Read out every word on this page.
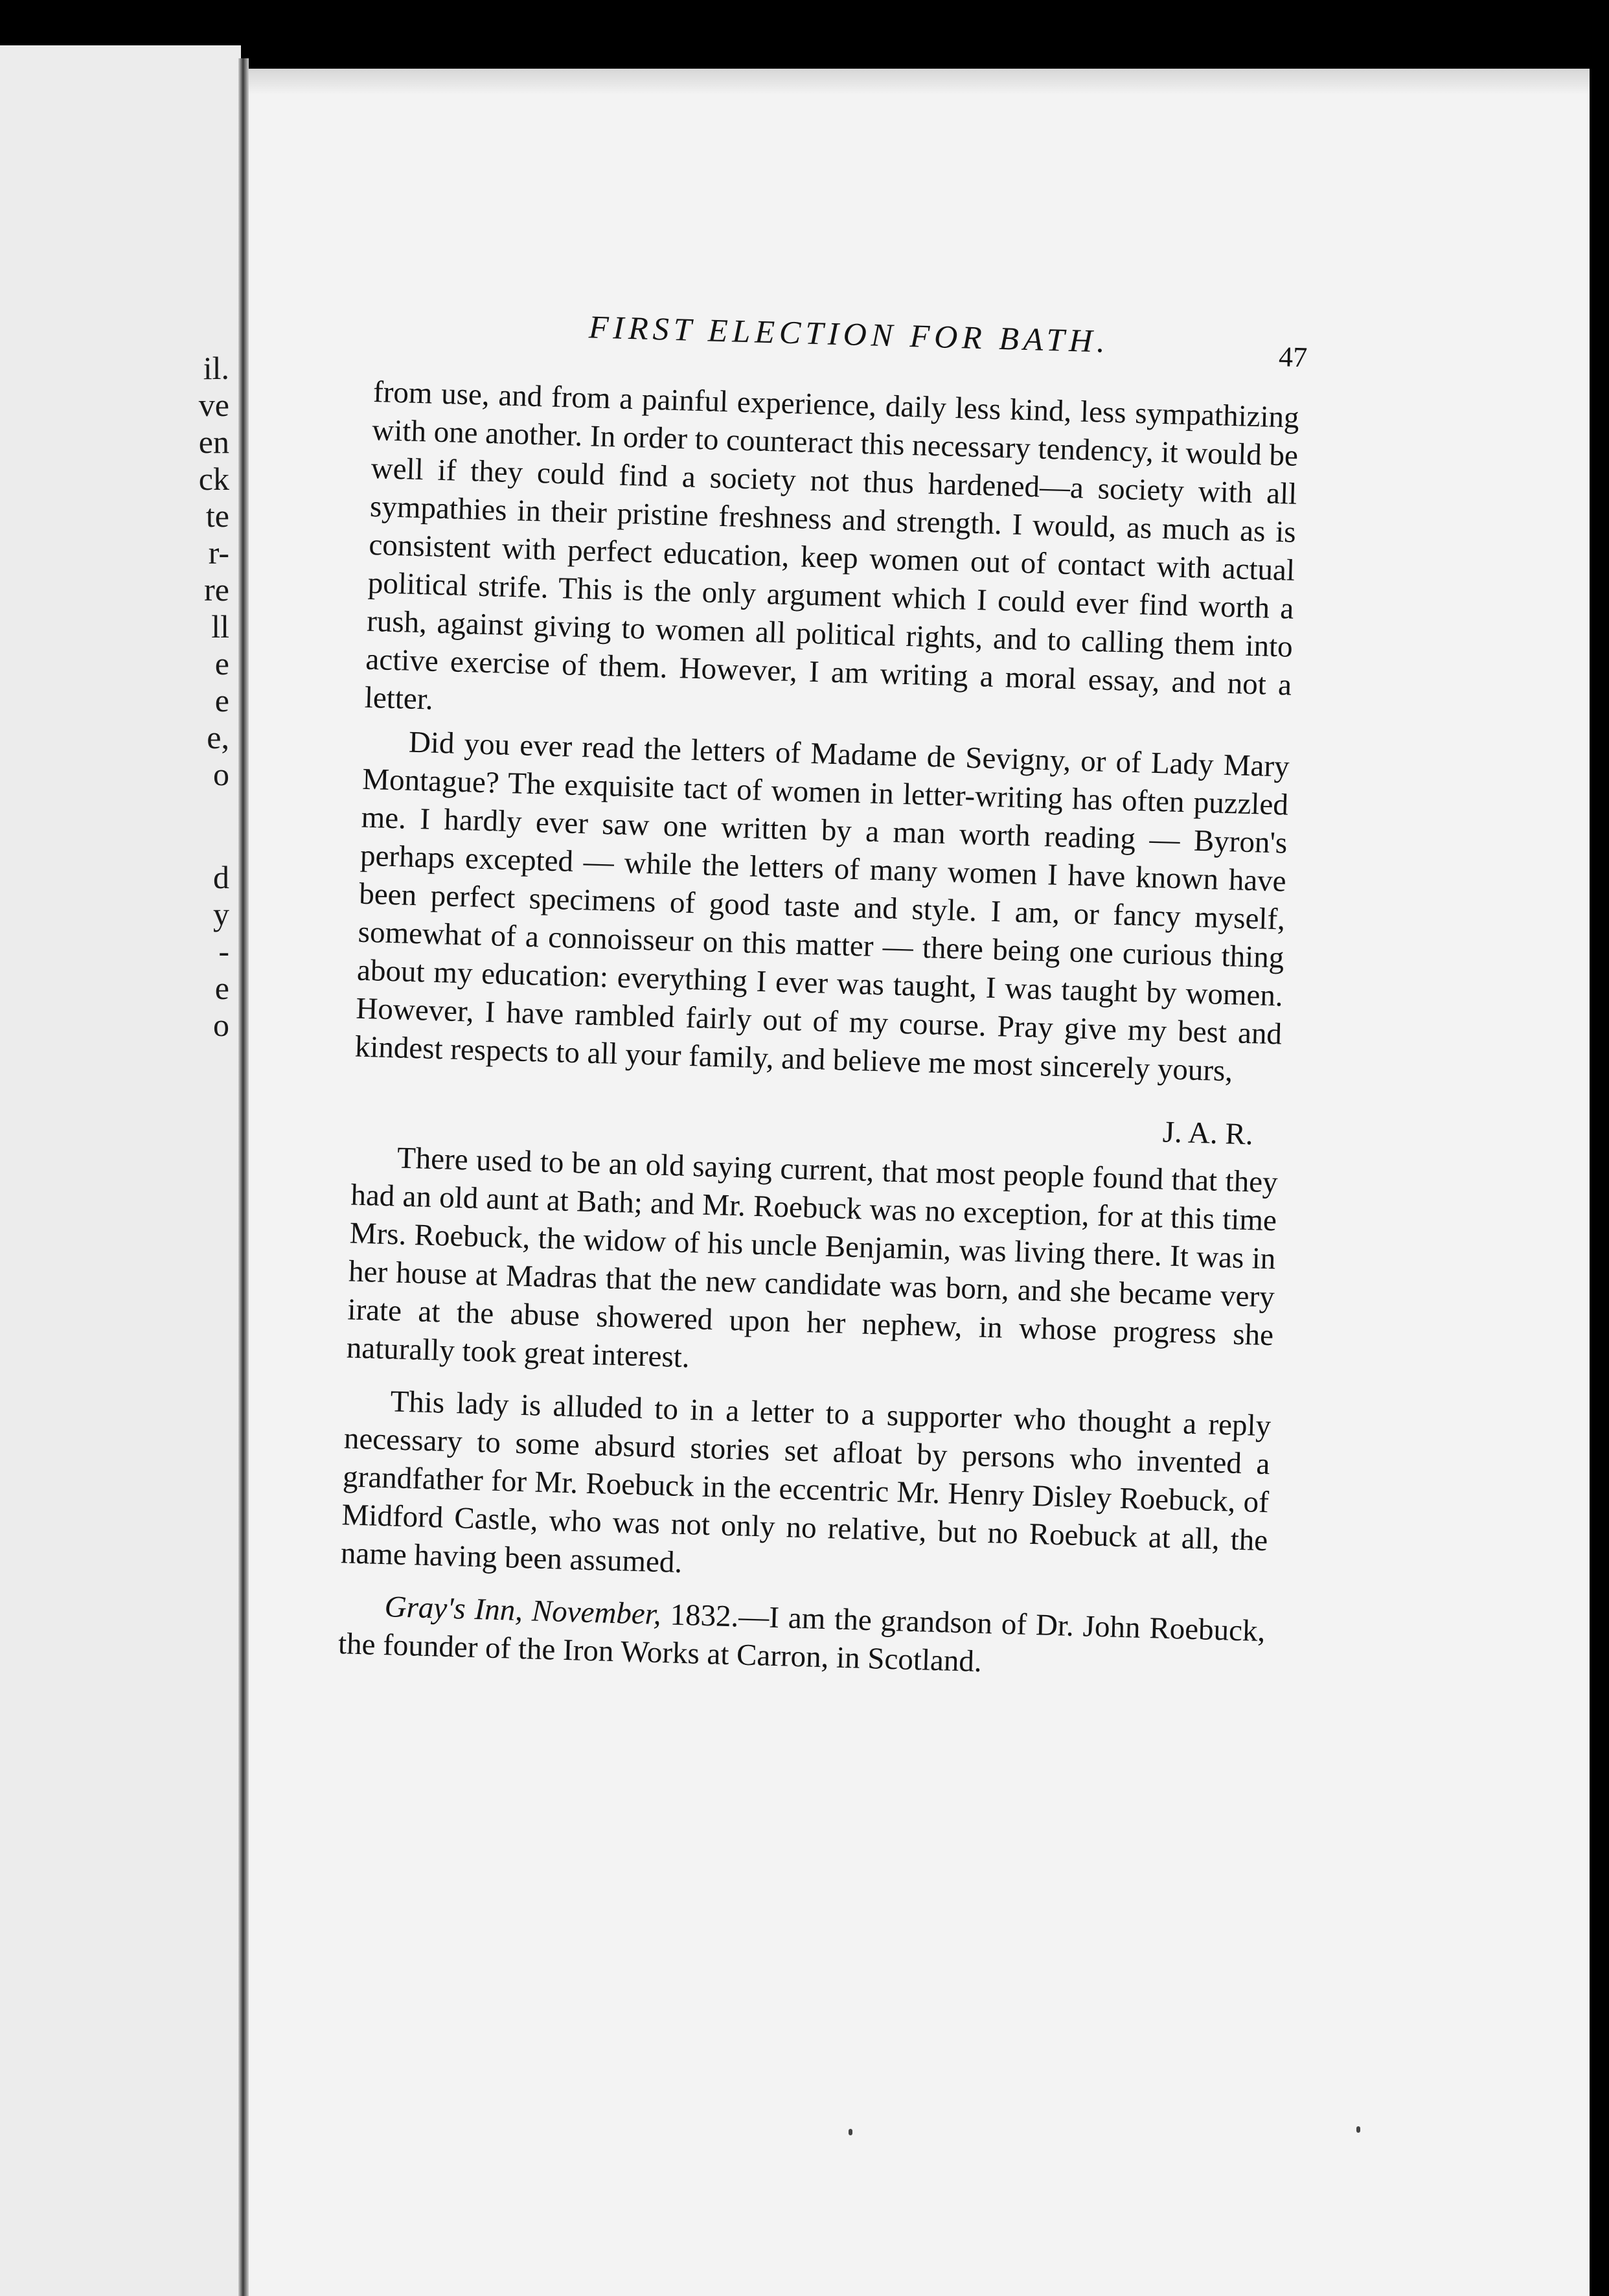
il.
ve
en
ck
te
r-
re
ll
e
e
e,
o
d
y
-
e
o
FIRST ELECTION FOR BATH.	47

from use, and from a painful experience, daily less kind, less sympathizing with one another. In order to counteract this necessary tendency, it would be well if they could find a society not thus hardened—a society with all sympathies in their pristine freshness and strength. I would, as much as is consistent with perfect education, keep women out of contact with actual political strife. This is the only argument which I could ever find worth a rush, against giving to women all political rights, and to calling them into active exercise of them. However, I am writing a moral essay, and not a letter.

Did you ever read the letters of Madame de Sevigny, or of Lady Mary Montague? The exquisite tact of women in letter-writing has often puzzled me. I hardly ever saw one written by a man worth reading — Byron's perhaps excepted — while the letters of many women I have known have been perfect specimens of good taste and style. I am, or fancy myself, somewhat of a connoisseur on this matter — there being one curious thing about my education: everything I ever was taught, I was taught by women. However, I have rambled fairly out of my course. Pray give my best and kindest respects to all your family, and believe me most sincerely yours,

J. A. R.

There used to be an old saying current, that most people found that they had an old aunt at Bath; and Mr. Roebuck was no exception, for at this time Mrs. Roebuck, the widow of his uncle Benjamin, was living there. It was in her house at Madras that the new candidate was born, and she became very irate at the abuse showered upon her nephew, in whose progress she naturally took great interest.

This lady is alluded to in a letter to a supporter who thought a reply necessary to some absurd stories set afloat by persons who invented a grandfather for Mr. Roebuck in the eccentric Mr. Henry Disley Roebuck, of Midford Castle, who was not only no relative, but no Roebuck at all, the name having been assumed.

Gray's Inn, November, 1832.—I am the grandson of Dr. John Roebuck, the founder of the Iron Works at Carron, in Scotland.
